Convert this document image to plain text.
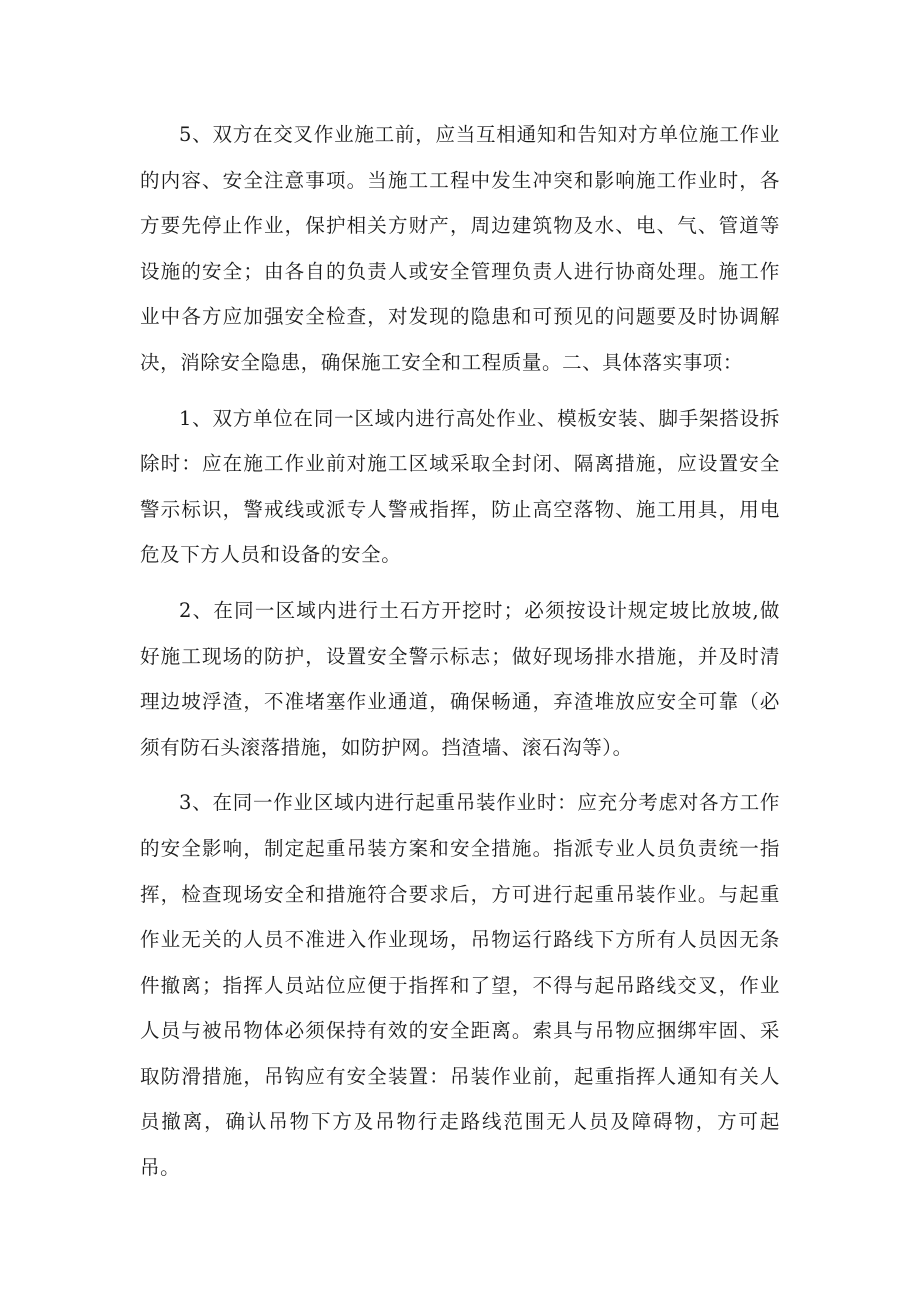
5、双方在交叉作业施工前，应当互相通知和告知对方单位施工作业的内容、安全注意事项。当施工工程中发生冲突和影响施工作业时，各方要先停止作业，保护相关方财产，周边建筑物及水、电、气、管道等设施的安全；由各自的负责人或安全管理负责人进行协商处理。施工作业中各方应加强安全检查，对发现的隐患和可预见的问题要及时协调解决，消除安全隐患，确保施工安全和工程质量。二、具体落实事项：

1、双方单位在同一区域内进行高处作业、模板安装、脚手架搭设拆除时：应在施工作业前对施工区域采取全封闭、隔离措施，应设置安全警示标识，警戒线或派专人警戒指挥，防止高空落物、施工用具，用电危及下方人员和设备的安全。

2、在同一区域内进行土石方开挖时；必须按设计规定坡比放坡,做好施工现场的防护，设置安全警示标志；做好现场排水措施，并及时清理边坡浮渣，不准堵塞作业通道，确保畅通，弃渣堆放应安全可靠（必须有防石头滚落措施，如防护网。挡渣墙、滚石沟等）。

3、在同一作业区域内进行起重吊装作业时：应充分考虑对各方工作的安全影响，制定起重吊装方案和安全措施。指派专业人员负责统一指挥，检查现场安全和措施符合要求后，方可进行起重吊装作业。与起重作业无关的人员不准进入作业现场，吊物运行路线下方所有人员因无条件撤离；指挥人员站位应便于指挥和了望，不得与起吊路线交叉，作业人员与被吊物体必须保持有效的安全距离。索具与吊物应捆绑牢固、采取防滑措施，吊钩应有安全装置：吊装作业前，起重指挥人通知有关人员撤离，确认吊物下方及吊物行走路线范围无人员及障碍物，方可起吊。
